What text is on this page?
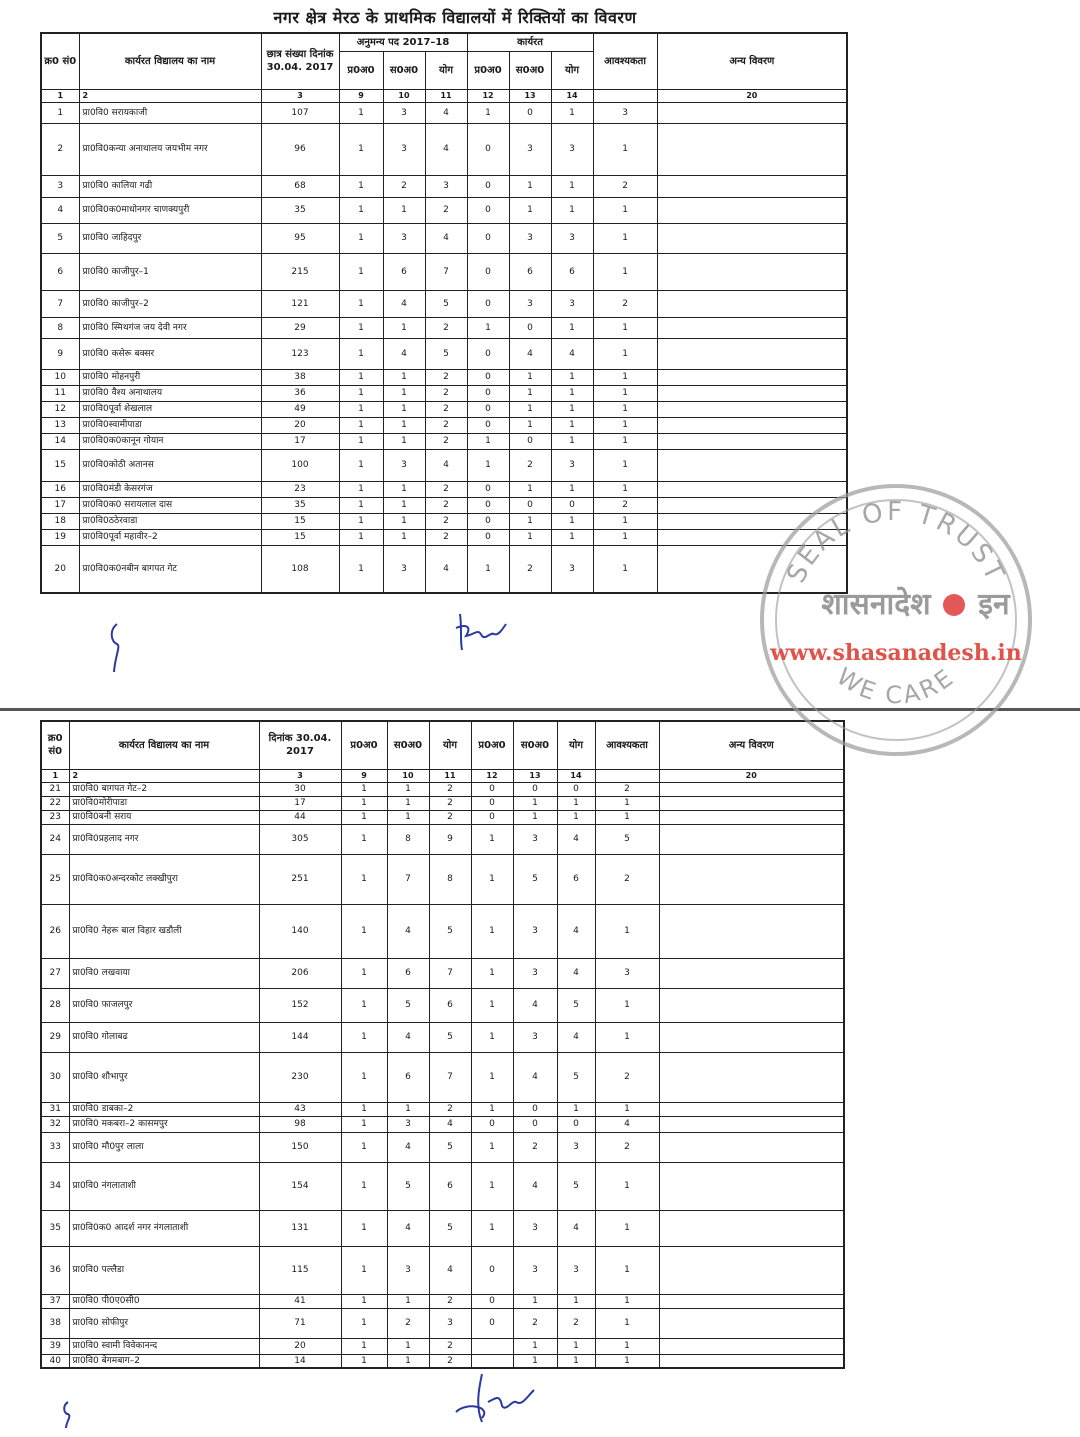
नगर क्षेत्र मेरठ के प्राथमिक विद्यालयों में रिक्तियों का विवरण
क्र0 सं0	कार्यरत विद्यालय का नाम	छात्र संख्या दिनांक 30.04. 2017	अनुमन्य पद 2017–18			कार्यरत			आवश्यकता	अन्य विवरण
			प्र0अ0	स0अ0	योग	प्र0अ0	स0अ0	योग		
1	2	3	9	10	11	12	13	14		20
1	प्रा0वि0 सरायकाजी	107	1	3	4	1	0	1	3	
2	प्रा0वि0कन्या अनाथालय जयभीम नगर	96	1	3	4	0	3	3	1	
3	प्रा0वि0 कालिया गढी	68	1	2	3	0	1	1	2	
4	प्रा0वि0क0माधोनगर चाणक्यपुरी	35	1	1	2	0	1	1	1	
5	प्रा0वि0 जाहिदपुर	95	1	3	4	0	3	3	1	
6	प्रा0वि0 काजीपुर–1	215	1	6	7	0	6	6	1	
7	प्रा0वि0 काजीपुर–2	121	1	4	5	0	3	3	2	
8	प्रा0वि0 स्मिथगंज जय देवी नगर	29	1	1	2	1	0	1	1	
9	प्रा0वि0 कसेरू बक्सर	123	1	4	5	0	4	4	1	
10	प्रा0वि0 मोहनपुरी	38	1	1	2	0	1	1	1	
11	प्रा0वि0 वैश्य अनाथालय	36	1	1	2	0	1	1	1	
12	प्रा0वि0पूर्वा शेखलाल	49	1	1	2	0	1	1	1	
13	प्रा0वि0स्वामीपाडा	20	1	1	2	0	1	1	1	
14	प्रा0वि0क0कानून गोयान	17	1	1	2	1	0	1	1	
15	प्रा0वि0कोठी अतानस	100	1	3	4	1	2	3	1	
16	प्रा0वि0मंडी केसरगंज	23	1	1	2	0	1	1	1	
17	प्रा0वि0क0 सरायलाल दास	35	1	1	2	0	0	0	2	
18	प्रा0वि0ठठेरवाडा	15	1	1	2	0	1	1	1	
19	प्रा0वि0पूर्वा महावीर–2	15	1	1	2	0	1	1	1	
20	प्रा0वि0क0नबीन बागपत गेट	108	1	3	4	1	2	3	1	
क्र0 सं0	कार्यरत विद्यालय का नाम	दिनांक 30.04. 2017	प्र0अ0	स0अ0	योग	प्र0अ0	स0अ0	योग	आवश्यकता	अन्य विवरण
1	2	3	9	10	11	12	13	14		20
21	प्रा0वि0 बागपत गेट–2	30	1	1	2	0	0	0	2	
22	प्रा0वि0मोरीपाडा	17	1	1	2	0	1	1	1	
23	प्रा0वि0बनी सराय	44	1	1	2	0	1	1	1	
24	प्रा0वि0प्रहलाद नगर	305	1	8	9	1	3	4	5	
25	प्रा0वि0क0अन्दरकोट लक्खीपुरा	251	1	7	8	1	5	6	2	
26	प्रा0वि0 नेहरू बाल विहार खडौली	140	1	4	5	1	3	4	1	
27	प्रा0वि0 लखवाया	206	1	6	7	1	3	4	3	
28	प्रा0वि0 फाजलपुर	152	1	5	6	1	4	5	1	
29	प्रा0वि0 गोलाबढ	144	1	4	5	1	3	4	1	
30	प्रा0वि0 शौभापुर	230	1	6	7	1	4	5	2	
31	प्रा0वि0 डाबका–2	43	1	1	2	1	0	1	1	
32	प्रा0वि0 मकबरा–2 कासमपुर	98	1	3	4	0	0	0	4	
33	प्रा0वि0 मौ0पुर लाला	150	1	4	5	1	2	3	2	
34	प्रा0वि0 नंगलाताशी	154	1	5	6	1	4	5	1	
35	प्रा0वि0क0 आदर्श नगर नंगलाताशी	131	1	4	5	1	3	4	1	
36	प्रा0वि0 पल्लैडा	115	1	3	4	0	3	3	1	
37	प्रा0वि0 पी0ए0सी0	41	1	1	2	0	1	1	1	
38	प्रा0वि0 सोफीपुर	71	1	2	3	0	2	2	1	
39	प्रा0वि0 स्वामी विवेकानन्द	20	1	1	2		1	1	1	
40	प्रा0वि0 बेगमबाग–2	14	1	1	2		1	1	1	
SEAL OF TRUST
WE CARE
शासनादेश इन
www.shasanadesh.in
